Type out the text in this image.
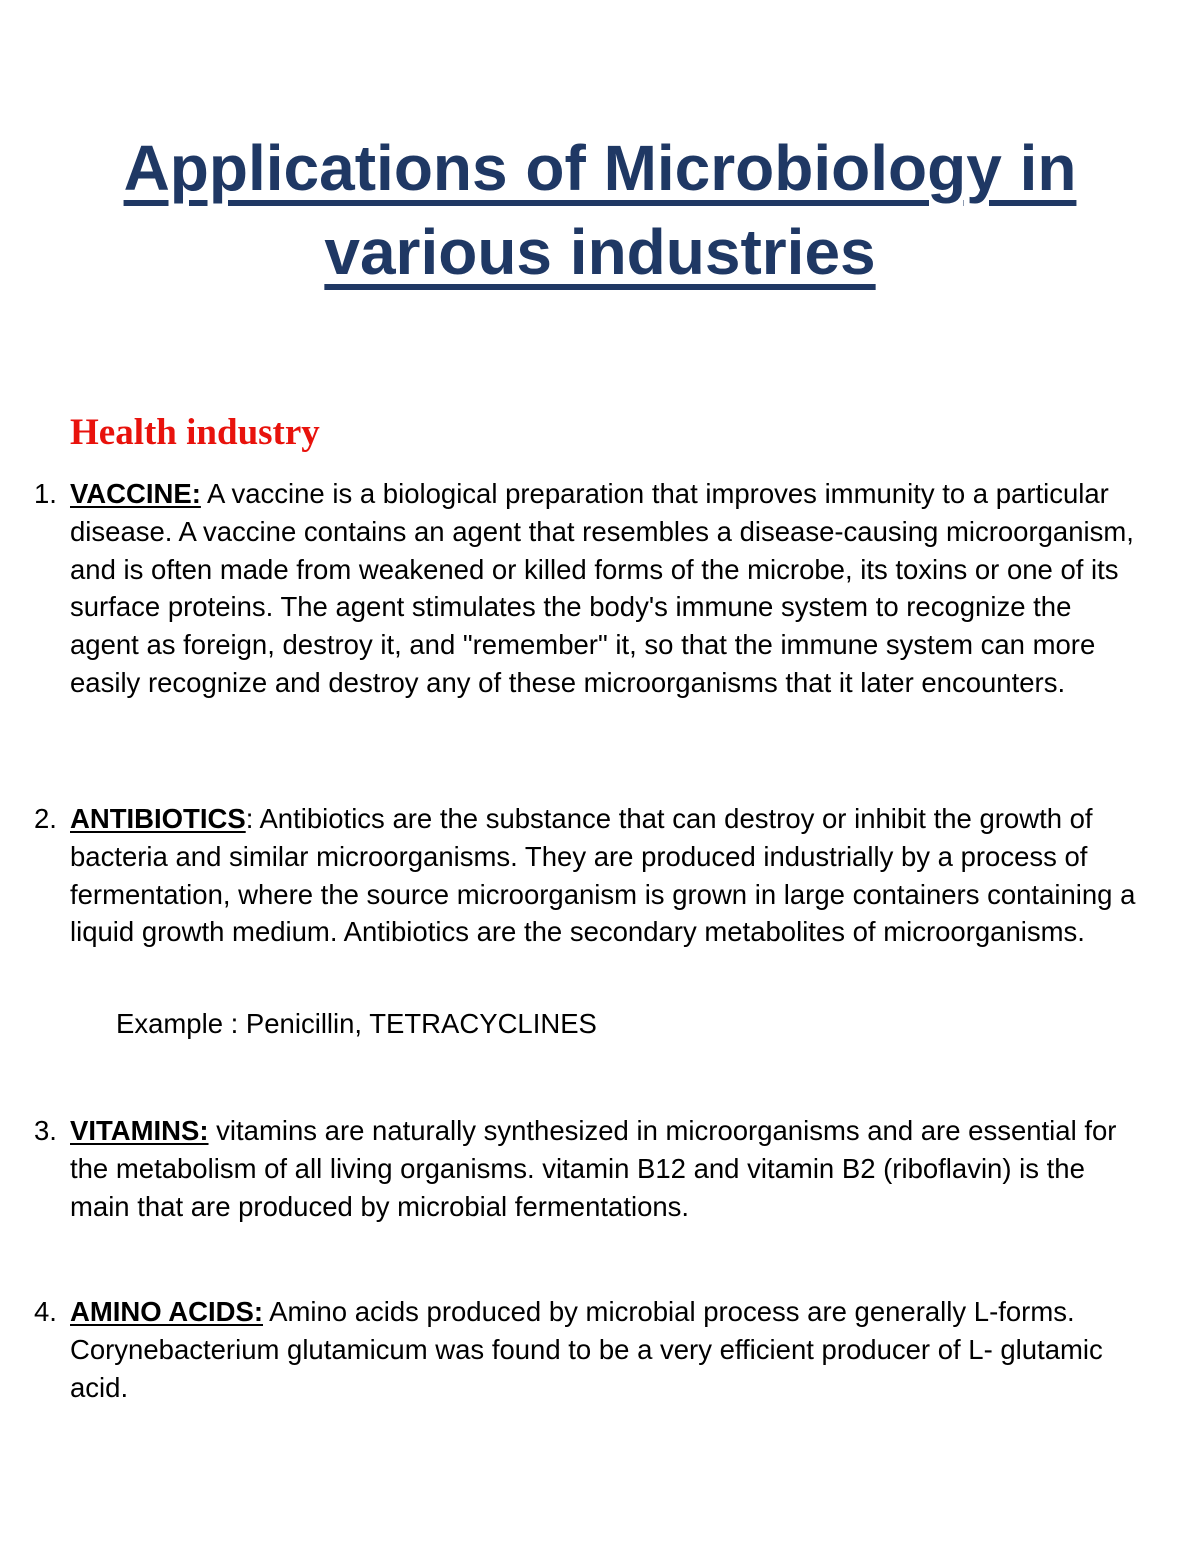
Applications of Microbiology in various industries
Health industry
1. VACCINE: A vaccine is a biological preparation that improves immunity to a particular disease. A vaccine contains an agent that resembles a disease-causing microorganism, and is often made from weakened or killed forms of the microbe, its toxins or one of its surface proteins. The agent stimulates the body's immune system to recognize the agent as foreign, destroy it, and "remember" it, so that the immune system can more easily recognize and destroy any of these microorganisms that it later encounters.
2. ANTIBIOTICS: Antibiotics are the substance that can destroy or inhibit the growth of bacteria and similar microorganisms. They are produced industrially by a process of fermentation, where the source microorganism is grown in large containers containing a liquid growth medium. Antibiotics are the secondary metabolites of microorganisms.
Example : Penicillin, TETRACYCLINES
3. VITAMINS: vitamins are naturally synthesized in microorganisms and are essential for the metabolism of all living organisms. vitamin B12 and vitamin B2 (riboflavin) is the main that are produced by microbial fermentations.
4. AMINO ACIDS: Amino acids produced by microbial process are generally L-forms. Corynebacterium glutamicum was found to be a very efficient producer of L- glutamic acid.
